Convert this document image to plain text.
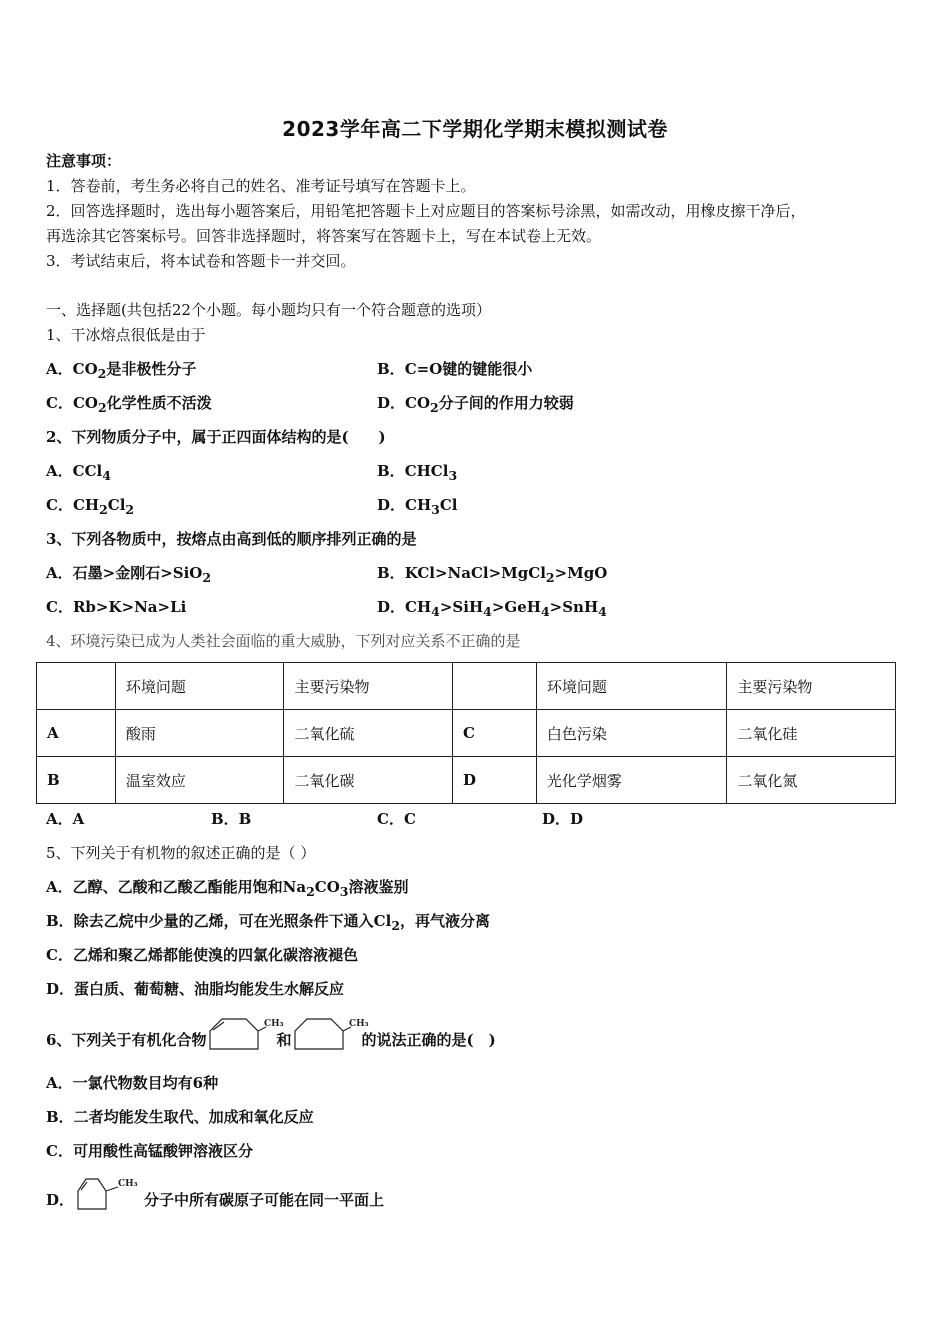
2023学年高二下学期化学期末模拟测试卷
注意事项：
1．答卷前，考生务必将自己的姓名、准考证号填写在答题卡上。
2．回答选择题时，选出每小题答案后，用铅笔把答题卡上对应题目的答案标号涂黑，如需改动，用橡皮擦干净后，
再选涂其它答案标号。回答非选择题时，将答案写在答题卡上，写在本试卷上无效。
3．考试结束后，将本试卷和答题卡一并交回。
一、选择题(共包括22个小题。每小题均只有一个符合题意的选项）
1、干冰熔点很低是由于
A．$CO_2$是非极性分子	B．C=O键的键能很小
C．$CO_2$化学性质不活泼	D．$CO_2$分子间的作用力较弱
2、下列物质分子中，属于正四面体结构的是(　　)
A．CCl$_4$	B．CHCl$_3$
C．$CH_2Cl_2$	D．$CH_3Cl$
3、下列各物质中，按熔点由高到低的顺序排列正确的是
A．石墨>金刚石>SiO$_2$	B．KCl>NaCl>MgCl$_2$>MgO
C．Rb>K>Na>Li	D．$CH_4>SiH_4>GeH_4>SnH_4$
4、环境污染已成为人类社会面临的重大威胁，下列对应关系不正确的是
	环境问题	主要污染物		环境问题	主要污染物
A	酸雨	二氧化硫	C	白色污染	二氧化硅
B	温室效应	二氧化碳	D	光化学烟雾	二氧化氮
A．A	B．B	C．C	D．D
5、下列关于有机物的叙述正确的是（ ）
A．乙醇、乙酸和乙酸乙酯能用饱和$Na_2CO_3$溶液鉴别
B．除去乙烷中少量的乙烯，可在光照条件下通入$Cl_2$，再气液分离
C．乙烯和聚乙烯都能使溴的四氯化碳溶液褪色
D．蛋白质、葡萄糖、油脂均能发生水解反应
6、下列关于有机化合物
CH₃
和
CH₃
的说法正确的是(　)
A．一氯代物数目均有6种
B．二者均能发生取代、加成和氧化反应
C．可用酸性高锰酸钾溶液区分
D．
CH₃
分子中所有碳原子可能在同一平面上
